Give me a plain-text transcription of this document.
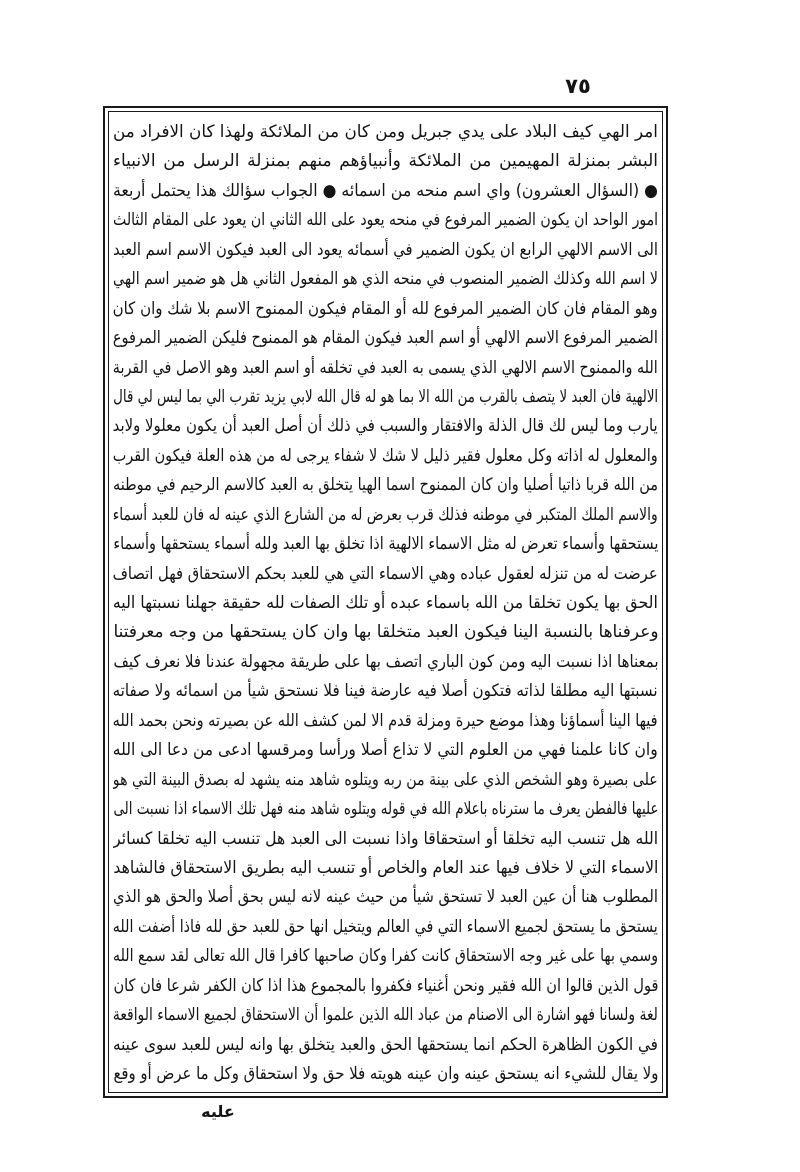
٧٥
امر الهي كيف البلاد على يدي جبريل ومن كان من الملائكة ولهذا كان الافراد من
البشر بمنزلة المهيمين من الملائكة وأنبياؤهم منهم بمنزلة الرسل من الانبياء
● (السؤال العشرون) واي اسم منحه من اسمائه ● الجواب سؤالك هذا يحتمل أربعة
امور الواحد ان يكون الضمير المرفوع في منحه يعود على الله الثاني ان يعود على المقام الثالث
الى الاسم الالهي الرابع ان يكون الضمير في أسمائه يعود الى العبد فيكون الاسم اسم العبد
لا اسم الله وكذلك الضمير المنصوب في منحه الذي هو المفعول الثاني هل هو ضمير اسم الهي
وهو المقام فان كان الضمير المرفوع لله أو المقام فيكون الممنوح الاسم بلا شك وان كان
الضمير المرفوع الاسم الالهي أو اسم العبد فيكون المقام هو الممنوح فليكن الضمير المرفوع
الله والممنوح الاسم الالهي الذي يسمى به العبد في تخلقه أو اسم العبد وهو الاصل في القربة
الالهية فان العبد لا يتصف بالقرب من الله الا بما هو له قال الله لابي يزيد تقرب الي بما ليس لي قال
يارب وما ليس لك قال الذلة والافتقار والسبب في ذلك أن أصل العبد أن يكون معلولا ولابد
والمعلول له اذاته وكل معلول فقير ذليل لا شك لا شفاء يرجى له من هذه العلة فيكون القرب
من الله قربا ذاتيا أصليا وان كان الممنوح اسما الهيا يتخلق به العبد كالاسم الرحيم في موطنه
والاسم الملك المتكبر في موطنه فذلك قرب بعرض له من الشارع الذي عينه له فان للعبد أسماء
يستحقها وأسماء تعرض له مثل الاسماء الالهية اذا تخلق بها العبد ولله أسماء يستحقها وأسماء
عرضت له من تنزله لعقول عباده وهي الاسماء التي هي للعبد بحكم الاستحقاق فهل اتصاف
الحق بها يكون تخلقا من الله باسماء عبده أو تلك الصفات لله حقيقة جهلنا نسبتها اليه
وعرفناها بالنسبة الينا فيكون العبد متخلقا بها وان كان يستحقها من وجه معرفتنا
بمعناها اذا نسبت اليه ومن كون الباري اتصف بها على طريقة مجهولة عندنا فلا نعرف كيف
نسبتها اليه مطلقا لذاته فتكون أصلا فيه عارضة فينا فلا نستحق شيأ من اسمائه ولا صفاته
فيها الينا أسماؤنا وهذا موضع حيرة ومزلة قدم الا لمن كشف الله عن بصيرته ونحن بحمد الله
وان كانا علمنا فهي من العلوم التي لا تذاع أصلا ورأسا ومرقسها ادعى من دعا الى الله
على بصيرة وهو الشخص الذي على بينة من ربه ويتلوه شاهد منه يشهد له بصدق البينة التي هو
عليها فالفطن يعرف ما سترناه باعلام الله في قوله ويتلوه شاهد منه فهل تلك الاسماء اذا نسبت الى
الله هل تنسب اليه تخلقا أو استحقاقا واذا نسبت الى العبد هل تنسب اليه تخلقا كسائر
الاسماء التي لا خلاف فيها عند العام والخاص أو تنسب اليه بطريق الاستحقاق فالشاهد
المطلوب هنا أن عين العبد لا تستحق شيأ من حيث عينه لانه ليس بحق أصلا والحق هو الذي
يستحق ما يستحق لجميع الاسماء التي في العالم ويتخيل انها حق للعبد حق لله فاذا أضفت الله
وسمي بها على غير وجه الاستحقاق كانت كفرا وكان صاحبها كافرا قال الله تعالى لقد سمع الله
قول الذين قالوا ان الله فقير ونحن أغنياء فكفروا بالمجموع هذا اذا كان الكفر شرعا فان كان
لغة ولسانا فهو اشارة الى الاصنام من عباد الله الذين علموا أن الاستحقاق لجميع الاسماء الواقعة
في الكون الظاهرة الحكم انما يستحقها الحق والعبد يتخلق بها وانه ليس للعبد سوى عينه
ولا يقال للشيء انه يستحق عينه وان عينه هويته فلا حق ولا استحقاق وكل ما عرض أو وقع
عليه
